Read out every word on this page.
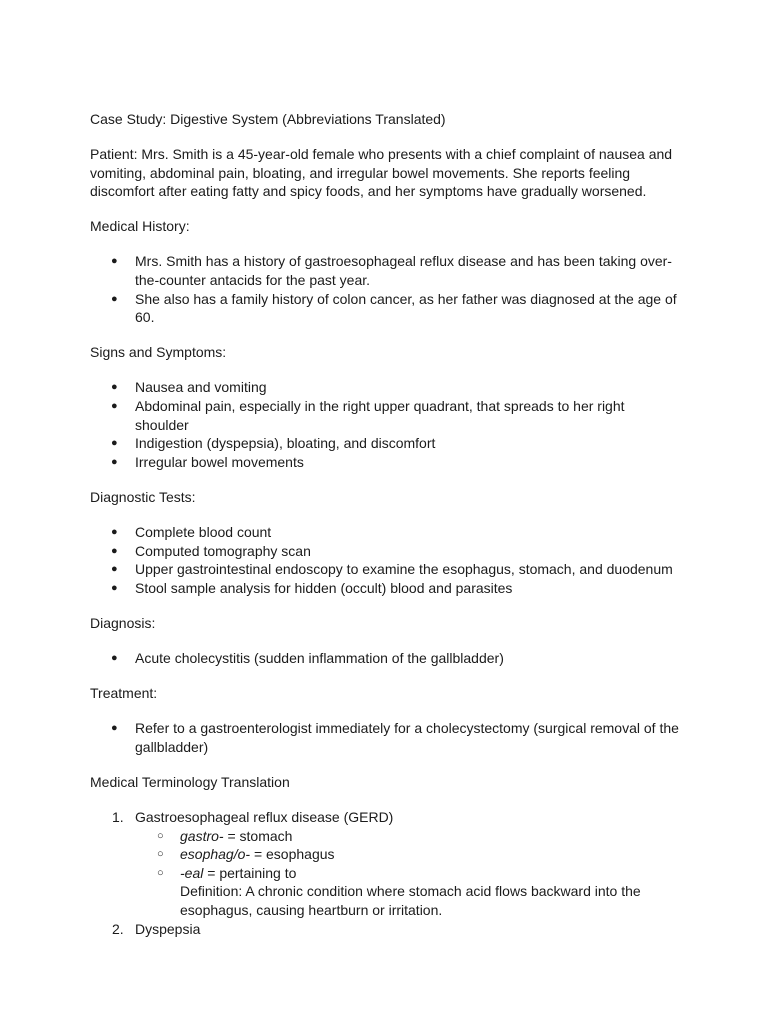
Case Study: Digestive System (Abbreviations Translated)

Patient: Mrs. Smith is a 45-year-old female who presents with a chief complaint of nausea and vomiting, abdominal pain, bloating, and irregular bowel movements. She reports feeling discomfort after eating fatty and spicy foods, and her symptoms have gradually worsened.

Medical History:

● Mrs. Smith has a history of gastroesophageal reflux disease and has been taking over-the-counter antacids for the past year.
● She also has a family history of colon cancer, as her father was diagnosed at the age of 60.

Signs and Symptoms:

● Nausea and vomiting
● Abdominal pain, especially in the right upper quadrant, that spreads to her right shoulder
● Indigestion (dyspepsia), bloating, and discomfort
● Irregular bowel movements

Diagnostic Tests:

● Complete blood count
● Computed tomography scan
● Upper gastrointestinal endoscopy to examine the esophagus, stomach, and duodenum
● Stool sample analysis for hidden (occult) blood and parasites

Diagnosis:

● Acute cholecystitis (sudden inflammation of the gallbladder)

Treatment:

● Refer to a gastroenterologist immediately for a cholecystectomy (surgical removal of the gallbladder)

Medical Terminology Translation

1. Gastroesophageal reflux disease (GERD)
○ gastro- = stomach
○ esophag/o- = esophagus
○ -eal = pertaining to
Definition: A chronic condition where stomach acid flows backward into the esophagus, causing heartburn or irritation.
2. Dyspepsia
